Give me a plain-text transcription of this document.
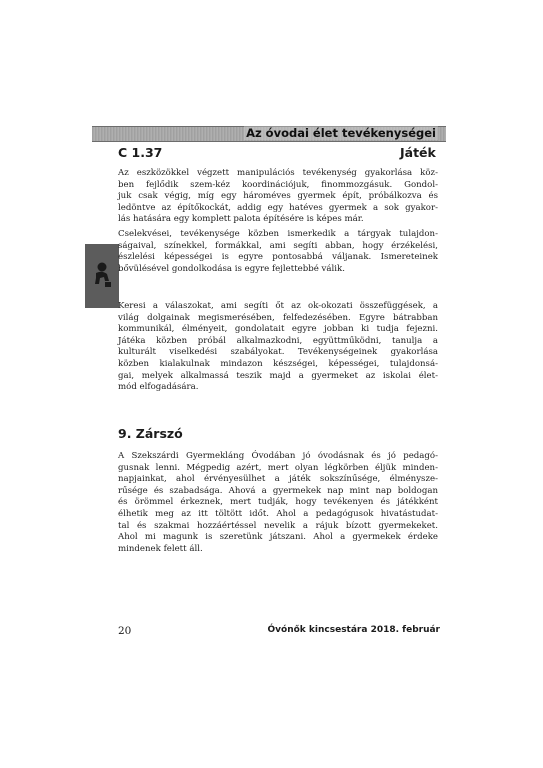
Az óvodai élet tevékenységei
C 1.37	Játék
Az eszközökkel végzett manipulációs tevékenység gyakorlása köz-
ben fejlődik szem-kéz koordinációjuk, finommozgásuk. Gondol-
juk csak végig, míg egy hároméves gyermek épít, próbálkozva és
ledöntve az építőkockát, addig egy hatéves gyermek a sok gyakor-
lás hatására egy komplett palota építésére is képes már.
Cselekvései, tevékenysége közben ismerkedik a tárgyak tulajdon-
ságaival, színekkel, formákkal, ami segíti abban, hogy érzékelési,
észlelési képességei is egyre pontosabbá váljanak. Ismereteinek
bővülésével gondolkodása is egyre fejlettebbé válik.
Keresi a válaszokat, ami segíti őt az ok-okozati összefüggések, a
világ dolgainak megismerésében, felfedezésében. Egyre bátrabban
kommunikál, élményeit, gondolatait egyre jobban ki tudja fejezni.
Játéka közben próbál alkalmazkodni, együttműködni, tanulja a
kulturált viselkedési szabályokat. Tevékenységeinek gyakorlása
közben kialakulnak mindazon készségei, képességei, tulajdonsá-
gai, melyek alkalmassá teszik majd a gyermeket az iskolai élet-
mód elfogadására.
9. Zárszó
A Szekszárdi Gyermekláng Óvodában jó óvodásnak és jó pedagó-
gusnak lenni. Mégpedig azért, mert olyan légkörben éljük minden-
napjainkat, ahol érvényesülhet a játék sokszínűsége, élménysze-
rűsége és szabadsága. Ahová a gyermekek nap mint nap boldogan
és örömmel érkeznek, mert tudják, hogy tevékenyen és játékként
élhetik meg az itt töltött időt. Ahol a pedagógusok hivatástudat-
tal és szakmai hozzáértéssel nevelik a rájuk bízott gyermekeket.
Ahol mi magunk is szeretünk játszani. Ahol a gyermekek érdeke
mindenek felett áll.
20	Óvónők kincsestára 2018. február
